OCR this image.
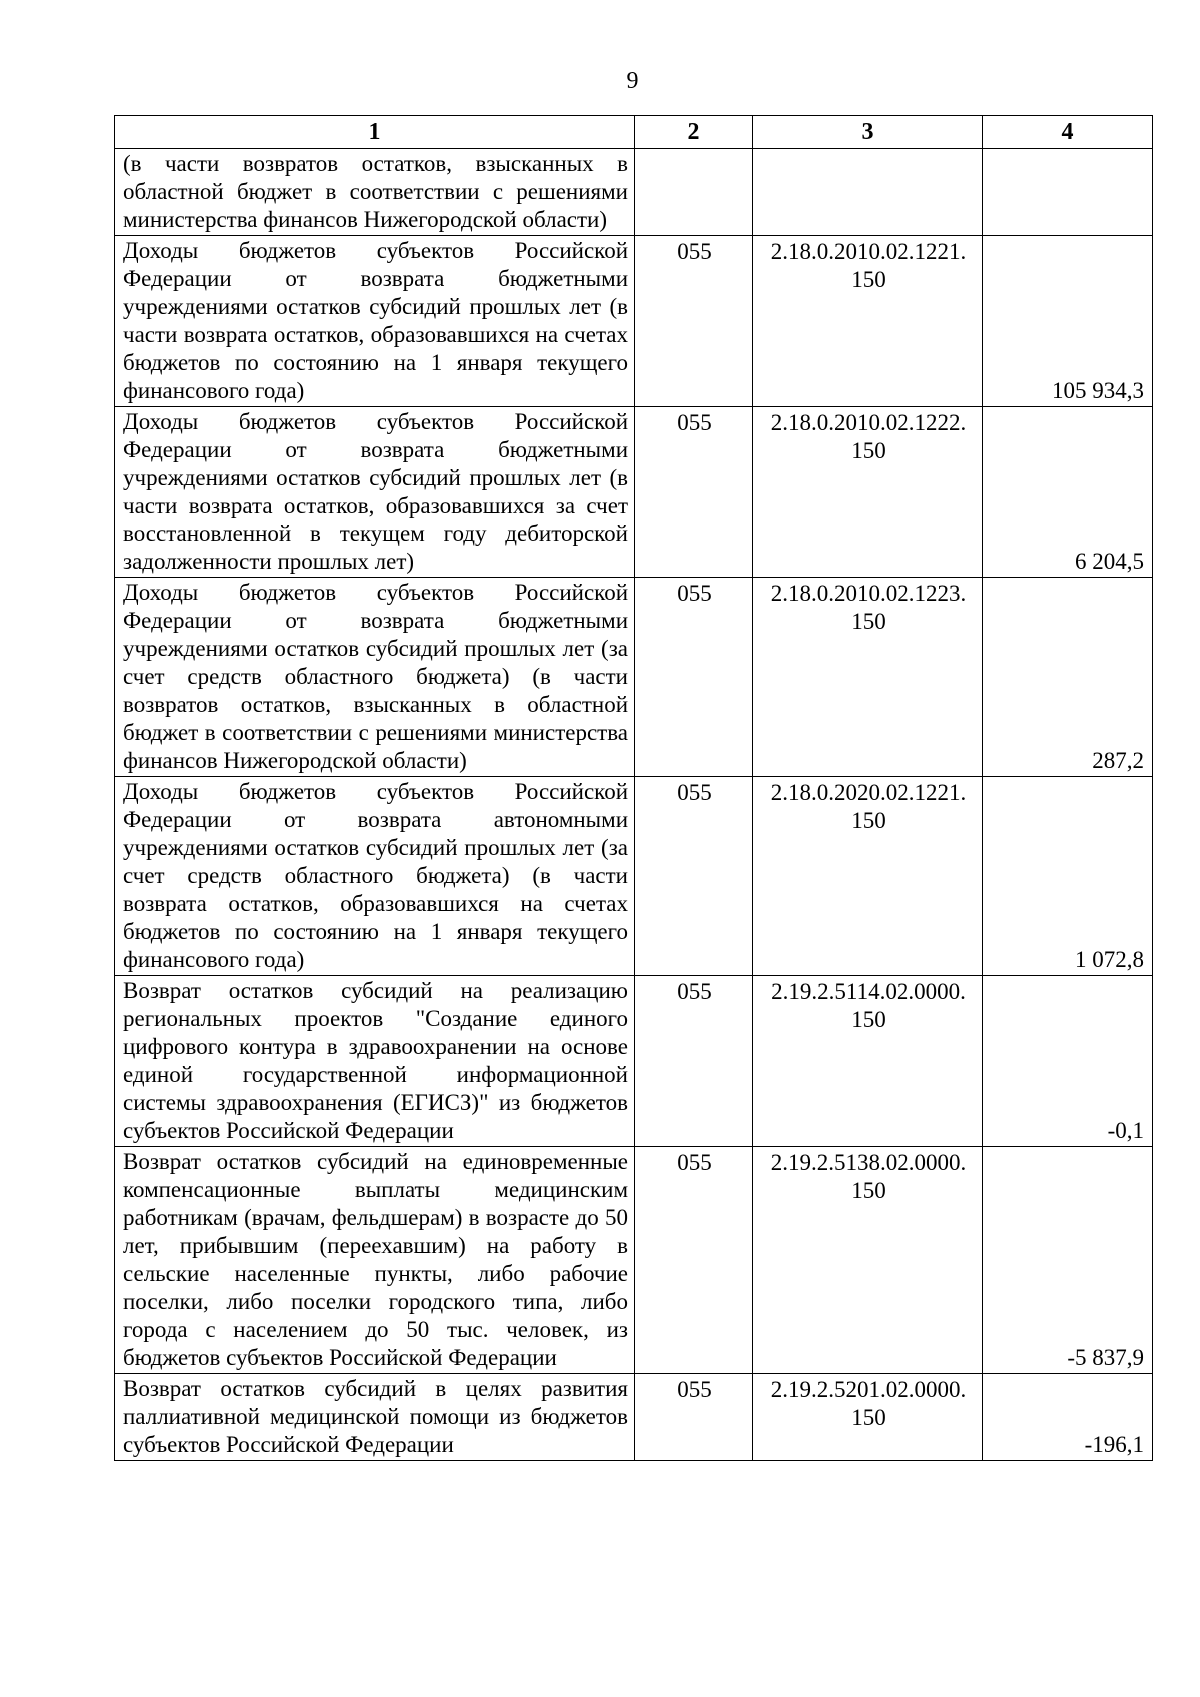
9
1	2	3	4
(в части возвратов остатков, взысканных в областной бюджет в соответствии с решениями министерства финансов Нижегородской области)			
Доходы бюджетов субъектов Российской Федерации от возврата бюджетными учреждениями остатков субсидий прошлых лет (в части возврата остатков, образовавшихся на счетах бюджетов по состоянию на 1 января текущего финансового года)	055	2.18.0.2010.02.1221. 150	105 934,3
Доходы бюджетов субъектов Российской Федерации от возврата бюджетными учреждениями остатков субсидий прошлых лет (в части возврата остатков, образовавшихся за счет восстановленной в текущем году дебиторской задолженности прошлых лет)	055	2.18.0.2010.02.1222. 150	6 204,5
Доходы бюджетов субъектов Российской Федерации от возврата бюджетными учреждениями остатков субсидий прошлых лет (за счет средств областного бюджета) (в части возвратов остатков, взысканных в областной бюджет в соответствии с решениями министерства финансов Нижегородской области)	055	2.18.0.2010.02.1223. 150	287,2
Доходы бюджетов субъектов Российской Федерации от возврата автономными учреждениями остатков субсидий прошлых лет (за счет средств областного бюджета) (в части возврата остатков, образовавшихся на счетах бюджетов по состоянию на 1 января текущего финансового года)	055	2.18.0.2020.02.1221. 150	1 072,8
Возврат остатков субсидий на реализацию региональных проектов "Создание единого цифрового контура в здравоохранении на основе единой государственной информационной системы здравоохранения (ЕГИСЗ)" из бюджетов субъектов Российской Федерации	055	2.19.2.5114.02.0000. 150	-0,1
Возврат остатков субсидий на единовременные компенсационные выплаты медицинским работникам (врачам, фельдшерам) в возрасте до 50 лет, прибывшим (переехавшим) на работу в сельские населенные пункты, либо рабочие поселки, либо поселки городского типа, либо города с населением до 50 тыс. человек, из бюджетов субъектов Российской Федерации	055	2.19.2.5138.02.0000. 150	-5 837,9
Возврат остатков субсидий в целях развития паллиативной медицинской помощи из бюджетов субъектов Российской Федерации	055	2.19.2.5201.02.0000. 150	-196,1
